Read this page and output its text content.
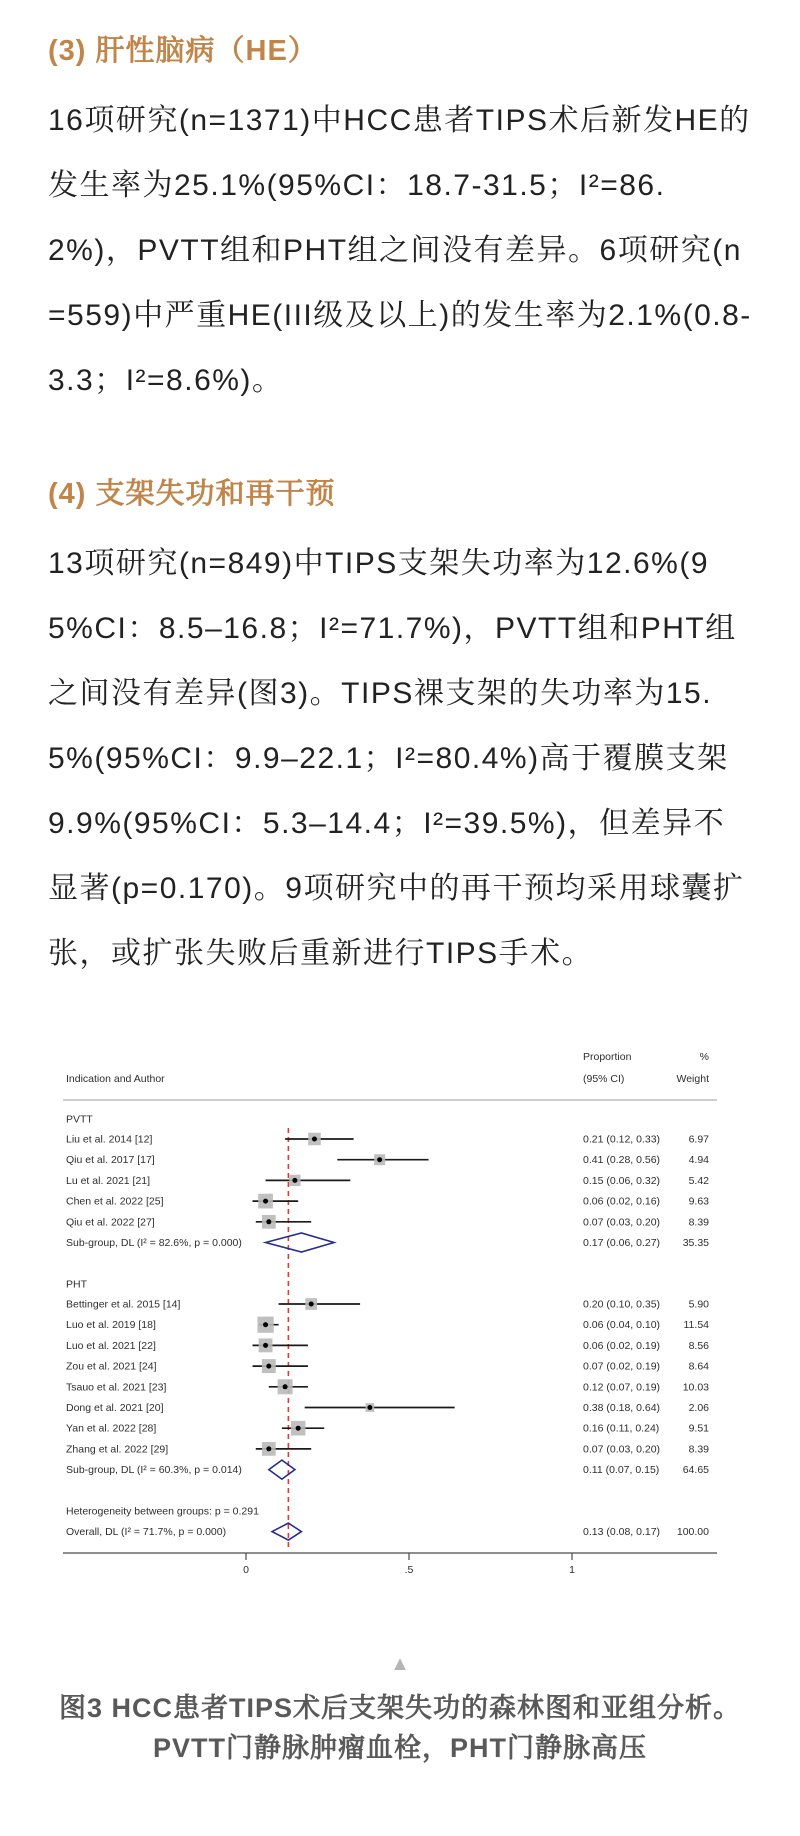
(3) 肝性脑病（HE）

16项研究(n=1371)中HCC患者TIPS术后新发HE的发生率为25.1%(95%CI：18.7-31.5；I²=86.2%)，PVTT组和PHT组之间没有差异。6项研究(n=559)中严重HE(III级及以上)的发生率为2.1%(0.8-3.3；I²=8.6%)。

(4) 支架失功和再干预

13项研究(n=849)中TIPS支架失功率为12.6%(95%CI：8.5–16.8；I²=71.7%)，PVTT组和PHT组之间没有差异(图3)。TIPS裸支架的失功率为15.5%(95%CI：9.9–22.1；I²=80.4%)高于覆膜支架9.9%(95%CI：5.3–14.4；I²=39.5%)，但差异不显著(p=0.170)。9项研究中的再干预均采用球囊扩张，或扩张失败后重新进行TIPS手术。

Indication and Author
Proportion
(95% CI)
%
Weight
PVTT
Liu et al. 2014 [12]	0.21 (0.12, 0.33)	6.97
Qiu et al. 2017 [17]	0.41 (0.28, 0.56)	4.94
Lu et al. 2021 [21]	0.15 (0.06, 0.32)	5.42
Chen et al. 2022 [25]	0.06 (0.02, 0.16)	9.63
Qiu et al. 2022 [27]	0.07 (0.03, 0.20)	8.39
Sub-group, DL (I² = 82.6%, p = 0.000)	0.17 (0.06, 0.27) 35.35
PHT
Bettinger et al. 2015 [14]	0.20 (0.10, 0.35)	5.90
Luo et al. 2019 [18]	0.06 (0.04, 0.10) 11.54
Luo et al. 2021 [22]	0.06 (0.02, 0.19)	8.56
Zou et al. 2021 [24]	0.07 (0.02, 0.19)	8.64
Tsauo et al. 2021 [23]	0.12 (0.07, 0.19) 10.03
Dong et al. 2021 [20]	0.38 (0.18, 0.64)	2.06
Yan et al. 2022 [28]	0.16 (0.11, 0.24)	9.51
Zhang et al. 2022 [29]	0.07 (0.03, 0.20)	8.39
Sub-group, DL (I² = 60.3%, p = 0.014)	0.11 (0.07, 0.15) 64.65
Heterogeneity between groups: p = 0.291
Overall, DL (I² = 71.7%, p = 0.000)	0.13 (0.08, 0.17) 100.00
0	.5	1
▲
图3 HCC患者TIPS术后支架失功的森林图和亚组分析。
PVTT门静脉肿瘤血栓，PHT门静脉高压
